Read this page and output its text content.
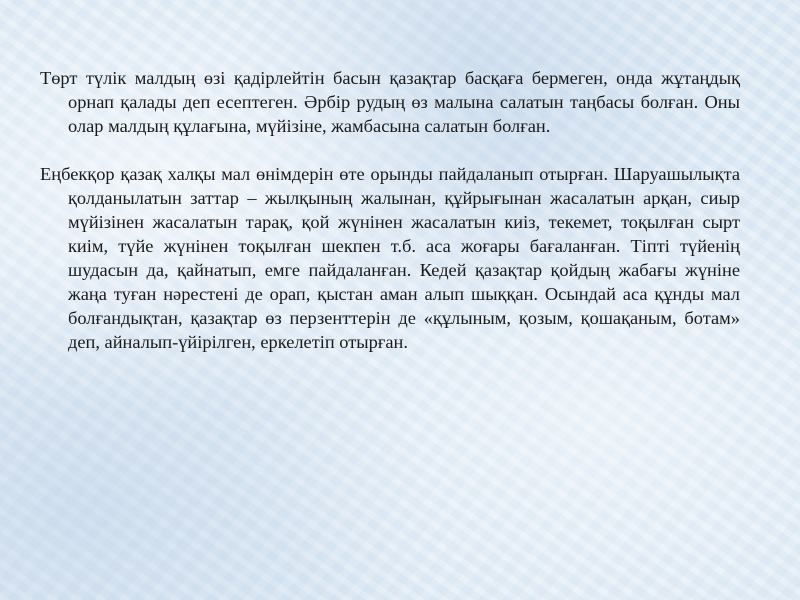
Төрт түлік малдың өзі қадірлейтін басын қазақтар басқаға бермеген, онда жұтаңдық орнап қалады деп есептеген. Әрбір рудың өз малына салатын таңбасы болған. Оны олар малдың құлағына, мүйізіне, жамбасына салатын болған.

Еңбекқор қазақ халқы мал өнімдерін өте орынды пайдаланып отырған. Шаруашылықта қолданылатын заттар – жылқының жалынан, құйрығынан жасалатын арқан, сиыр мүйізінен жасалатын тарақ, қой жүнінен жасалатын киіз, текемет, тоқылған сырт киім, түйе жүнінен тоқылған шекпен т.б. аса жоғары бағаланған. Тіпті түйенің шудасын да, қайнатып, емге пайдаланған. Кедей қазақтар қойдың жабағы жүніне жаңа туған нәрестені де орап, қыстан аман алып шыққан. Осындай аса құнды мал болғандықтан, қазақтар өз перзенттерін де «құлыным, қозым, қошақаным, ботам» деп, айналып-үйірілген, еркелетіп отырған.
